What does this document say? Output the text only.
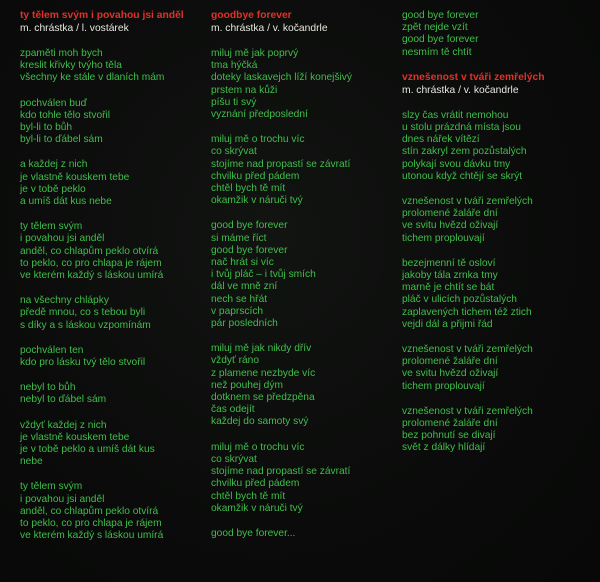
ty tělem svým i povahou jsi anděl
m. chrástka / l. vostárek
zpaměti moh bych
kreslit křivky tvýho těla
všechny ke stále v dlaních mám
pochválen buď
kdo tohle tělo stvořil
byl-li to bůh
byl-li to ďábel sám
a každej z nich
je vlastně kouskem tebe
je v tobě peklo
a umíš dát kus nebe
ty tělem svým
i povahou jsi anděl
anděl, co chlapům peklo otvírá
to peklo, co pro chlapa je rájem
ve kterém každý s láskou umírá
na všechny chlápky
předě mnou, co s tebou byli
s díky a s láskou vzpomínám
pochválen ten
kdo pro lásku tvý tělo stvořil
nebyl to bůh
nebyl to ďábel sám
vždyť každej z nich
je vlastně kouskem tebe
je v tobě peklo a umíš dát kus
nebe
ty tělem svým
i povahou jsi anděl
anděl, co chlapům peklo otvírá
to peklo, co pro chlapa je rájem
ve kterém každý s láskou umírá
goodbye forever
m. chrástka / v. kočandrle
miluj mě jak poprvý
tma hýčká
doteky laskavejch líží konejšivý
prstem na kůži
píšu ti svý
vyznání předposlední
miluj mě o trochu víc
co skrývat
stojíme nad propastí se závratí
chvilku před pádem
chtěl bych tě mít
okamžik v náruči tvý
good bye forever
si máme říct
good bye forever
nač hrát si víc
i tvůj pláč – i tvůj smích
dál ve mně zní
nech se hřát
v paprscích
pár posledních
miluj mě jak nikdy dřív
vždyť ráno
z plamene nezbyde víc
než pouhej dým
dotknem se předzpěna
čas odejít
každej do samoty svý
miluj mě o trochu víc
co skrývat
stojíme nad propastí se závratí
chvilku před pádem
chtěl bych tě mít
okamžik v náruči tvý
good bye forever...
good bye forever
zpět nejde vzít
good bye forever
nesmím tě chtít
vznešenost v tváři zemřelých
m. chrástka / v. kočandrle
slzy čas vrátit nemohou
u stolu prázdná místa jsou
dnes nářek vítězí
stín zakryl zem pozůstalých
polykají svou dávku tmy
utonou když chtějí se skrýt
vznešenost v tváři zemřelých
prolomené žaláře dní
ve svitu hvězd oživají
tichem proplouvají
bezejmenní tě osloví
jakoby tála zrnka tmy
marně je chtít se bát
pláč v ulicích pozůstalých
zaplavených tichem též ztich
vejdi dál a přijmi řád
vznešenost v tváři zemřelých
prolomené žaláře dní
ve svitu hvězd oživají
tichem proplouvají
vznešenost v tváři zemřelých
prolomené žaláře dní
bez pohnutí se divají
svět z dálky hlídají
